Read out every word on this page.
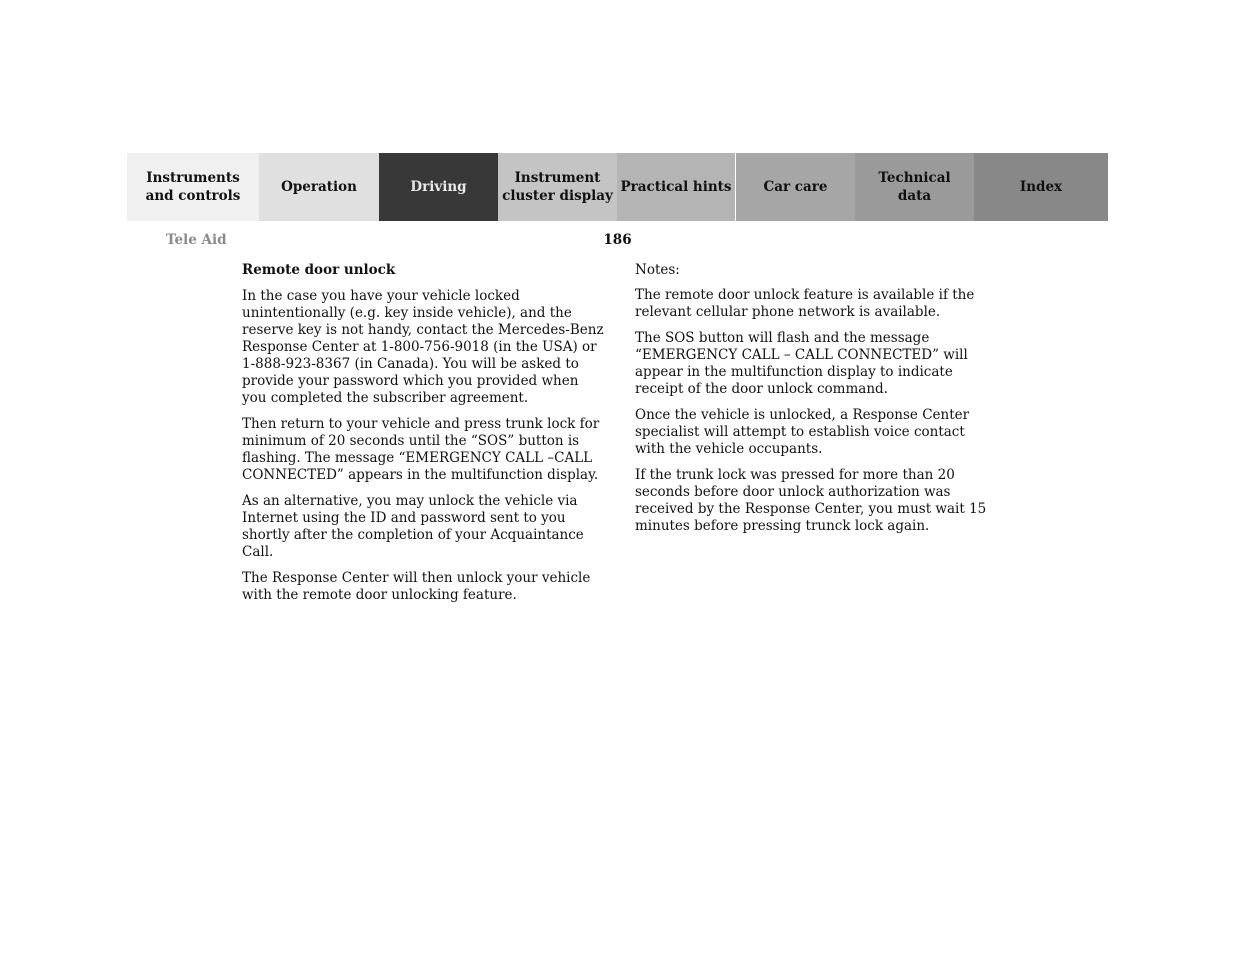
Instruments
and controls
Operation	Driving
Instrument
cluster display
Practical hints	Car care
Technical
data
Index
Tele Aid	186
Remote door unlock

In the case you have your vehicle locked unintentionally (e.g. key inside vehicle), and the reserve key is not handy, contact the Mercedes-Benz Response Center at 1-800-756-9018 (in the USA) or 1-888-923-8367 (in Canada). You will be asked to provide your password which you provided when you completed the subscriber agreement.

Then return to your vehicle and press trunk lock for minimum of 20 seconds until the “SOS” button is flashing. The message “EMERGENCY CALL –CALL CONNECTED” appears in the multifunction display.

As an alternative, you may unlock the vehicle via Internet using the ID and password sent to you shortly after the completion of your Acquaintance Call.

The Response Center will then unlock your vehicle with the remote door unlocking feature.

Notes:

The remote door unlock feature is available if the relevant cellular phone network is available.

The SOS button will flash and the message “EMERGENCY CALL – CALL CONNECTED” will appear in the multifunction display to indicate receipt of the door unlock command.

Once the vehicle is unlocked, a Response Center specialist will attempt to establish voice contact with the vehicle occupants.

If the trunk lock was pressed for more than 20 seconds before door unlock authorization was received by the Response Center, you must wait 15 minutes before pressing trunck lock again.
